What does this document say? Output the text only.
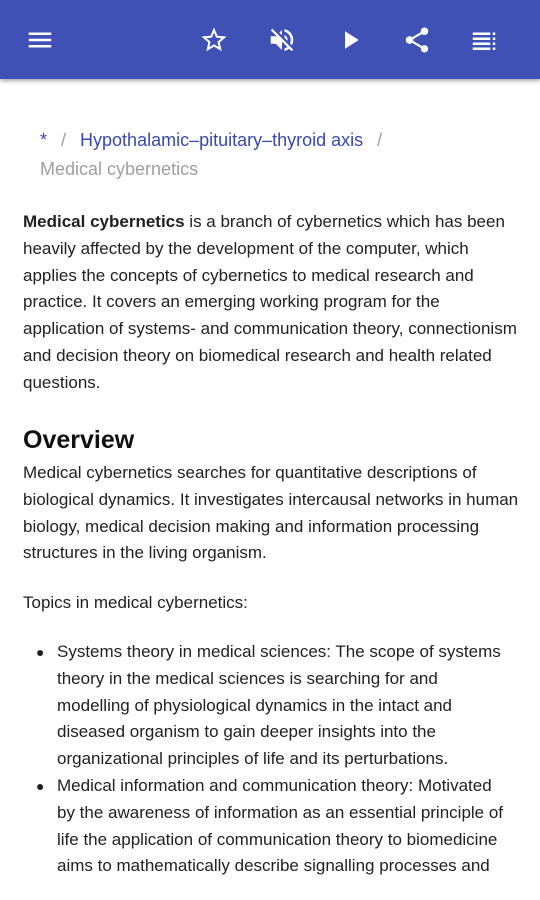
* / Hypothalamic–pituitary–thyroid axis /
Medical cybernetics

Medical cybernetics is a branch of cybernetics which has been heavily affected by the development of the computer, which applies the concepts of cybernetics to medical research and practice. It covers an emerging working program for the application of systems- and communication theory, connectionism and decision theory on biomedical research and health related questions.

Overview

Medical cybernetics searches for quantitative descriptions of biological dynamics. It investigates intercausal networks in human biology, medical decision making and information processing structures in the living organism.

Topics in medical cybernetics:

● Systems theory in medical sciences: The scope of systems theory in the medical sciences is searching for and modelling of physiological dynamics in the intact and diseased organism to gain deeper insights into the organizational principles of life and its perturbations.
● Medical information and communication theory: Motivated by the awareness of information as an essential principle of life the application of communication theory to biomedicine aims to mathematically describe signalling processes and
